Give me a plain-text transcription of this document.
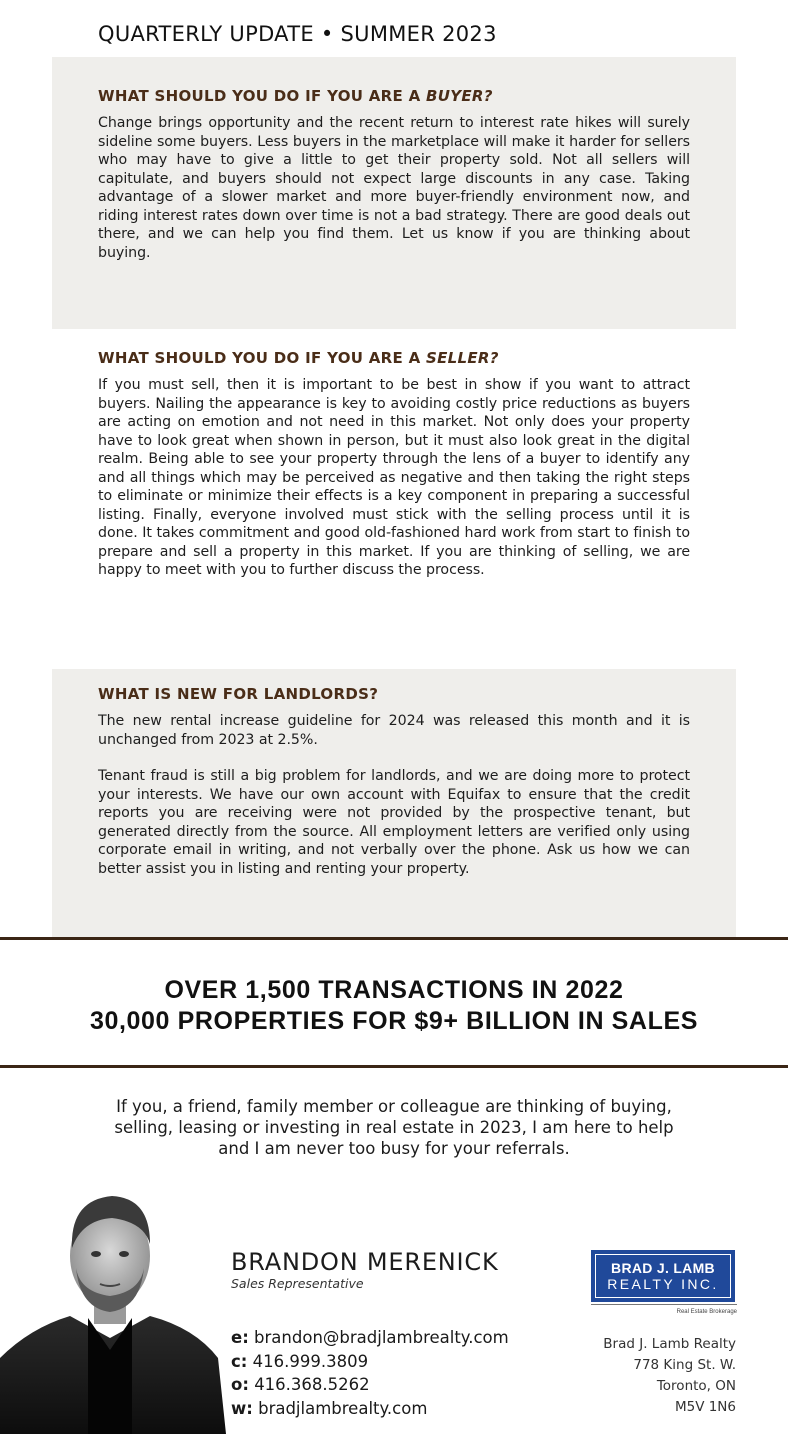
QUARTERLY UPDATE • SUMMER 2023
WHAT SHOULD YOU DO IF YOU ARE A BUYER?

Change brings opportunity and the recent return to interest rate hikes will surely sideline some buyers. Less buyers in the marketplace will make it harder for sellers who may have to give a little to get their property sold. Not all sellers will capitulate, and buyers should not expect large discounts in any case. Taking advantage of a slower market and more buyer-friendly environment now, and riding interest rates down over time is not a bad strategy. There are good deals out there, and we can help you find them. Let us know if you are thinking about buying.

WHAT SHOULD YOU DO IF YOU ARE A SELLER?

If you must sell, then it is important to be best in show if you want to attract buyers. Nailing the appearance is key to avoiding costly price reductions as buyers are acting on emotion and not need in this market. Not only does your property have to look great when shown in person, but it must also look great in the digital realm. Being able to see your property through the lens of a buyer to identify any and all things which may be perceived as negative and then taking the right steps to eliminate or minimize their effects is a key component in preparing a successful listing. Finally, everyone involved must stick with the selling process until it is done. It takes commitment and good old-fashioned hard work from start to finish to prepare and sell a property in this market. If you are thinking of selling, we are happy to meet with you to further discuss the process.

WHAT IS NEW FOR LANDLORDS?

The new rental increase guideline for 2024 was released this month and it is unchanged from 2023 at 2.5%.

Tenant fraud is still a big problem for landlords, and we are doing more to protect your interests. We have our own account with Equifax to ensure that the credit reports you are receiving were not provided by the prospective tenant, but generated directly from the source. All employment letters are verified only using corporate email in writing, and not verbally over the phone. Ask us how we can better assist you in listing and renting your property.

OVER 1,500 TRANSACTIONS IN 2022
30,000 PROPERTIES FOR $9+ BILLION IN SALES
If you, a friend, family member or colleague are thinking of buying, selling, leasing or investing in real estate in 2023, I am here to help and I am never too busy for your referrals.
BRANDON MERENICK
Sales Representative
e: brandon@bradjlambrealty.com
c: 416.999.3809
o: 416.368.5262
w: bradjlambrealty.com
BRAD J. LAMB
REALTY INC.
Real Estate Brokerage
Brad J. Lamb Realty
778 King St. W.
Toronto, ON
M5V 1N6
